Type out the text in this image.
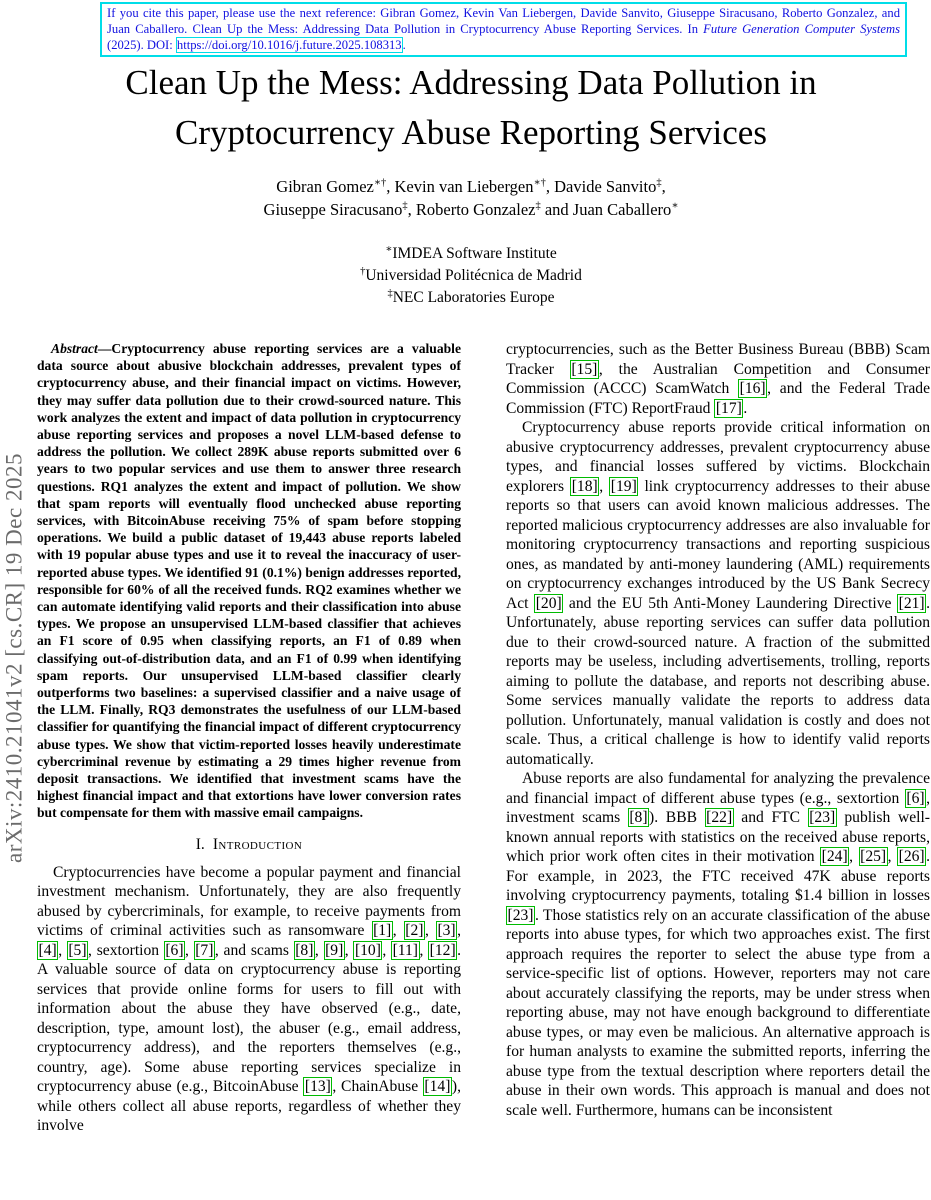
arXiv:2410.21041v2 [cs.CR] 19 Dec 2025
If you cite this paper, please use the next reference: Gibran Gomez, Kevin Van Liebergen, Davide Sanvito, Giuseppe Siracusano, Roberto Gonzalez, and Juan Caballero. Clean Up the Mess: Addressing Data Pollution in Cryptocurrency Abuse Reporting Services. In Future Generation Computer Systems (2025). DOI: https://doi.org/10.1016/j.future.2025.108313.
Clean Up the Mess: Addressing Data Pollution in Cryptocurrency Abuse Reporting Services
Gibran Gomez∗†, Kevin van Liebergen∗†, Davide Sanvito‡,
Giuseppe Siracusano‡, Roberto Gonzalez‡ and Juan Caballero∗
∗IMDEA Software Institute
†Universidad Politécnica de Madrid
‡NEC Laboratories Europe

Abstract—Cryptocurrency abuse reporting services are a valuable data source about abusive blockchain addresses, prevalent types of cryptocurrency abuse, and their financial impact on victims. However, they may suffer data pollution due to their crowd-sourced nature. This work analyzes the extent and impact of data pollution in cryptocurrency abuse reporting services and proposes a novel LLM-based defense to address the pollution. We collect 289K abuse reports submitted over 6 years to two popular services and use them to answer three research questions. RQ1 analyzes the extent and impact of pollution. We show that spam reports will eventually flood unchecked abuse reporting services, with BitcoinAbuse receiving 75% of spam before stopping operations. We build a public dataset of 19,443 abuse reports labeled with 19 popular abuse types and use it to reveal the inaccuracy of user-reported abuse types. We identified 91 (0.1%) benign addresses reported, responsible for 60% of all the received funds. RQ2 examines whether we can automate identifying valid reports and their classification into abuse types. We propose an unsupervised LLM-based classifier that achieves an F1 score of 0.95 when classifying reports, an F1 of 0.89 when classifying out-of-distribution data, and an F1 of 0.99 when identifying spam reports. Our unsupervised LLM-based classifier clearly outperforms two baselines: a supervised classifier and a naive usage of the LLM. Finally, RQ3 demonstrates the usefulness of our LLM-based classifier for quantifying the financial impact of different cryptocurrency abuse types. We show that victim-reported losses heavily underestimate cybercriminal revenue by estimating a 29 times higher revenue from deposit transactions. We identified that investment scams have the highest financial impact and that extortions have lower conversion rates but compensate for them with massive email campaigns.

I. Introduction

Cryptocurrencies have become a popular payment and financial investment mechanism. Unfortunately, they are also frequently abused by cybercriminals, for example, to receive payments from victims of criminal activities such as ransomware [1], [2], [3], [4], [5], sextortion [6], [7], and scams [8], [9], [10], [11], [12]. A valuable source of data on cryptocurrency abuse is reporting services that provide online forms for users to fill out with information about the abuse they have observed (e.g., date, description, type, amount lost), the abuser (e.g., email address, cryptocurrency address), and the reporters themselves (e.g., country, age). Some abuse reporting services specialize in cryptocurrency abuse (e.g., BitcoinAbuse [13], ChainAbuse [14]), while others collect all abuse reports, regardless of whether they involve

cryptocurrencies, such as the Better Business Bureau (BBB) Scam Tracker [15], the Australian Competition and Consumer Commission (ACCC) ScamWatch [16], and the Federal Trade Commission (FTC) ReportFraud [17].

Cryptocurrency abuse reports provide critical information on abusive cryptocurrency addresses, prevalent cryptocurrency abuse types, and financial losses suffered by victims. Blockchain explorers [18], [19] link cryptocurrency addresses to their abuse reports so that users can avoid known malicious addresses. The reported malicious cryptocurrency addresses are also invaluable for monitoring cryptocurrency transactions and reporting suspicious ones, as mandated by anti-money laundering (AML) requirements on cryptocurrency exchanges introduced by the US Bank Secrecy Act [20] and the EU 5th Anti-Money Laundering Directive [21]. Unfortunately, abuse reporting services can suffer data pollution due to their crowd-sourced nature. A fraction of the submitted reports may be useless, including advertisements, trolling, reports aiming to pollute the database, and reports not describing abuse. Some services manually validate the reports to address data pollution. Unfortunately, manual validation is costly and does not scale. Thus, a critical challenge is how to identify valid reports automatically.

Abuse reports are also fundamental for analyzing the prevalence and financial impact of different abuse types (e.g., sextortion [6], investment scams [8]). BBB [22] and FTC [23] publish well-known annual reports with statistics on the received abuse reports, which prior work often cites in their motivation [24], [25], [26]. For example, in 2023, the FTC received 47K abuse reports involving cryptocurrency payments, totaling $1.4 billion in losses [23]. Those statistics rely on an accurate classification of the abuse reports into abuse types, for which two approaches exist. The first approach requires the reporter to select the abuse type from a service-specific list of options. However, reporters may not care about accurately classifying the reports, may be under stress when reporting abuse, may not have enough background to differentiate abuse types, or may even be malicious. An alternative approach is for human analysts to examine the submitted reports, inferring the abuse type from the textual description where reporters detail the abuse in their own words. This approach is manual and does not scale well. Furthermore, humans can be inconsistent
